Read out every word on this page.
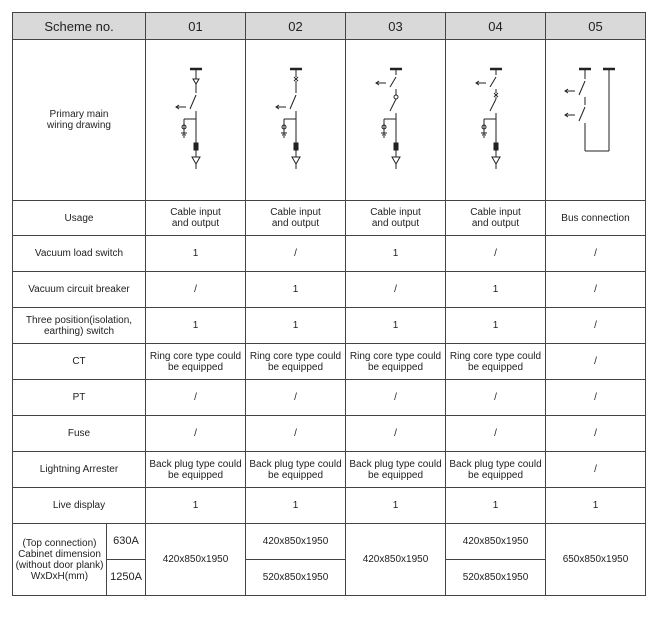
Scheme no.		01	02	03	04	05
Primary main
wiring drawing	

Usage		Cable input
and output	Cable input
and output	Cable input
and output	Cable input
and output	Bus connection
Vacuum load switch		1	/	1	/	/
Vacuum circuit breaker		/	1	/	1	/
Three position(isolation,
earthing) switch		1	1	1	1	/
CT		Ring core type could
be equipped	Ring core type could
be equipped	Ring core type could
be equipped	Ring core type could
be equipped	/
PT		/	/	/	/	/
Fuse		/	/	/	/	/
Lightning Arrester		Back plug type could
be equipped	Back plug type could
be equipped	Back plug type could
be equipped	Back plug type could
be equipped	/
Live display		1	1	1	1	1
(Top connection)
Cabinet dimension
(without door plank)
WxDxH(mm)	630A	420x850x1950	420x850x1950	420x850x1950	420x850x1950	650x850x1950
	1250A		520x850x1950		520x850x1950	
